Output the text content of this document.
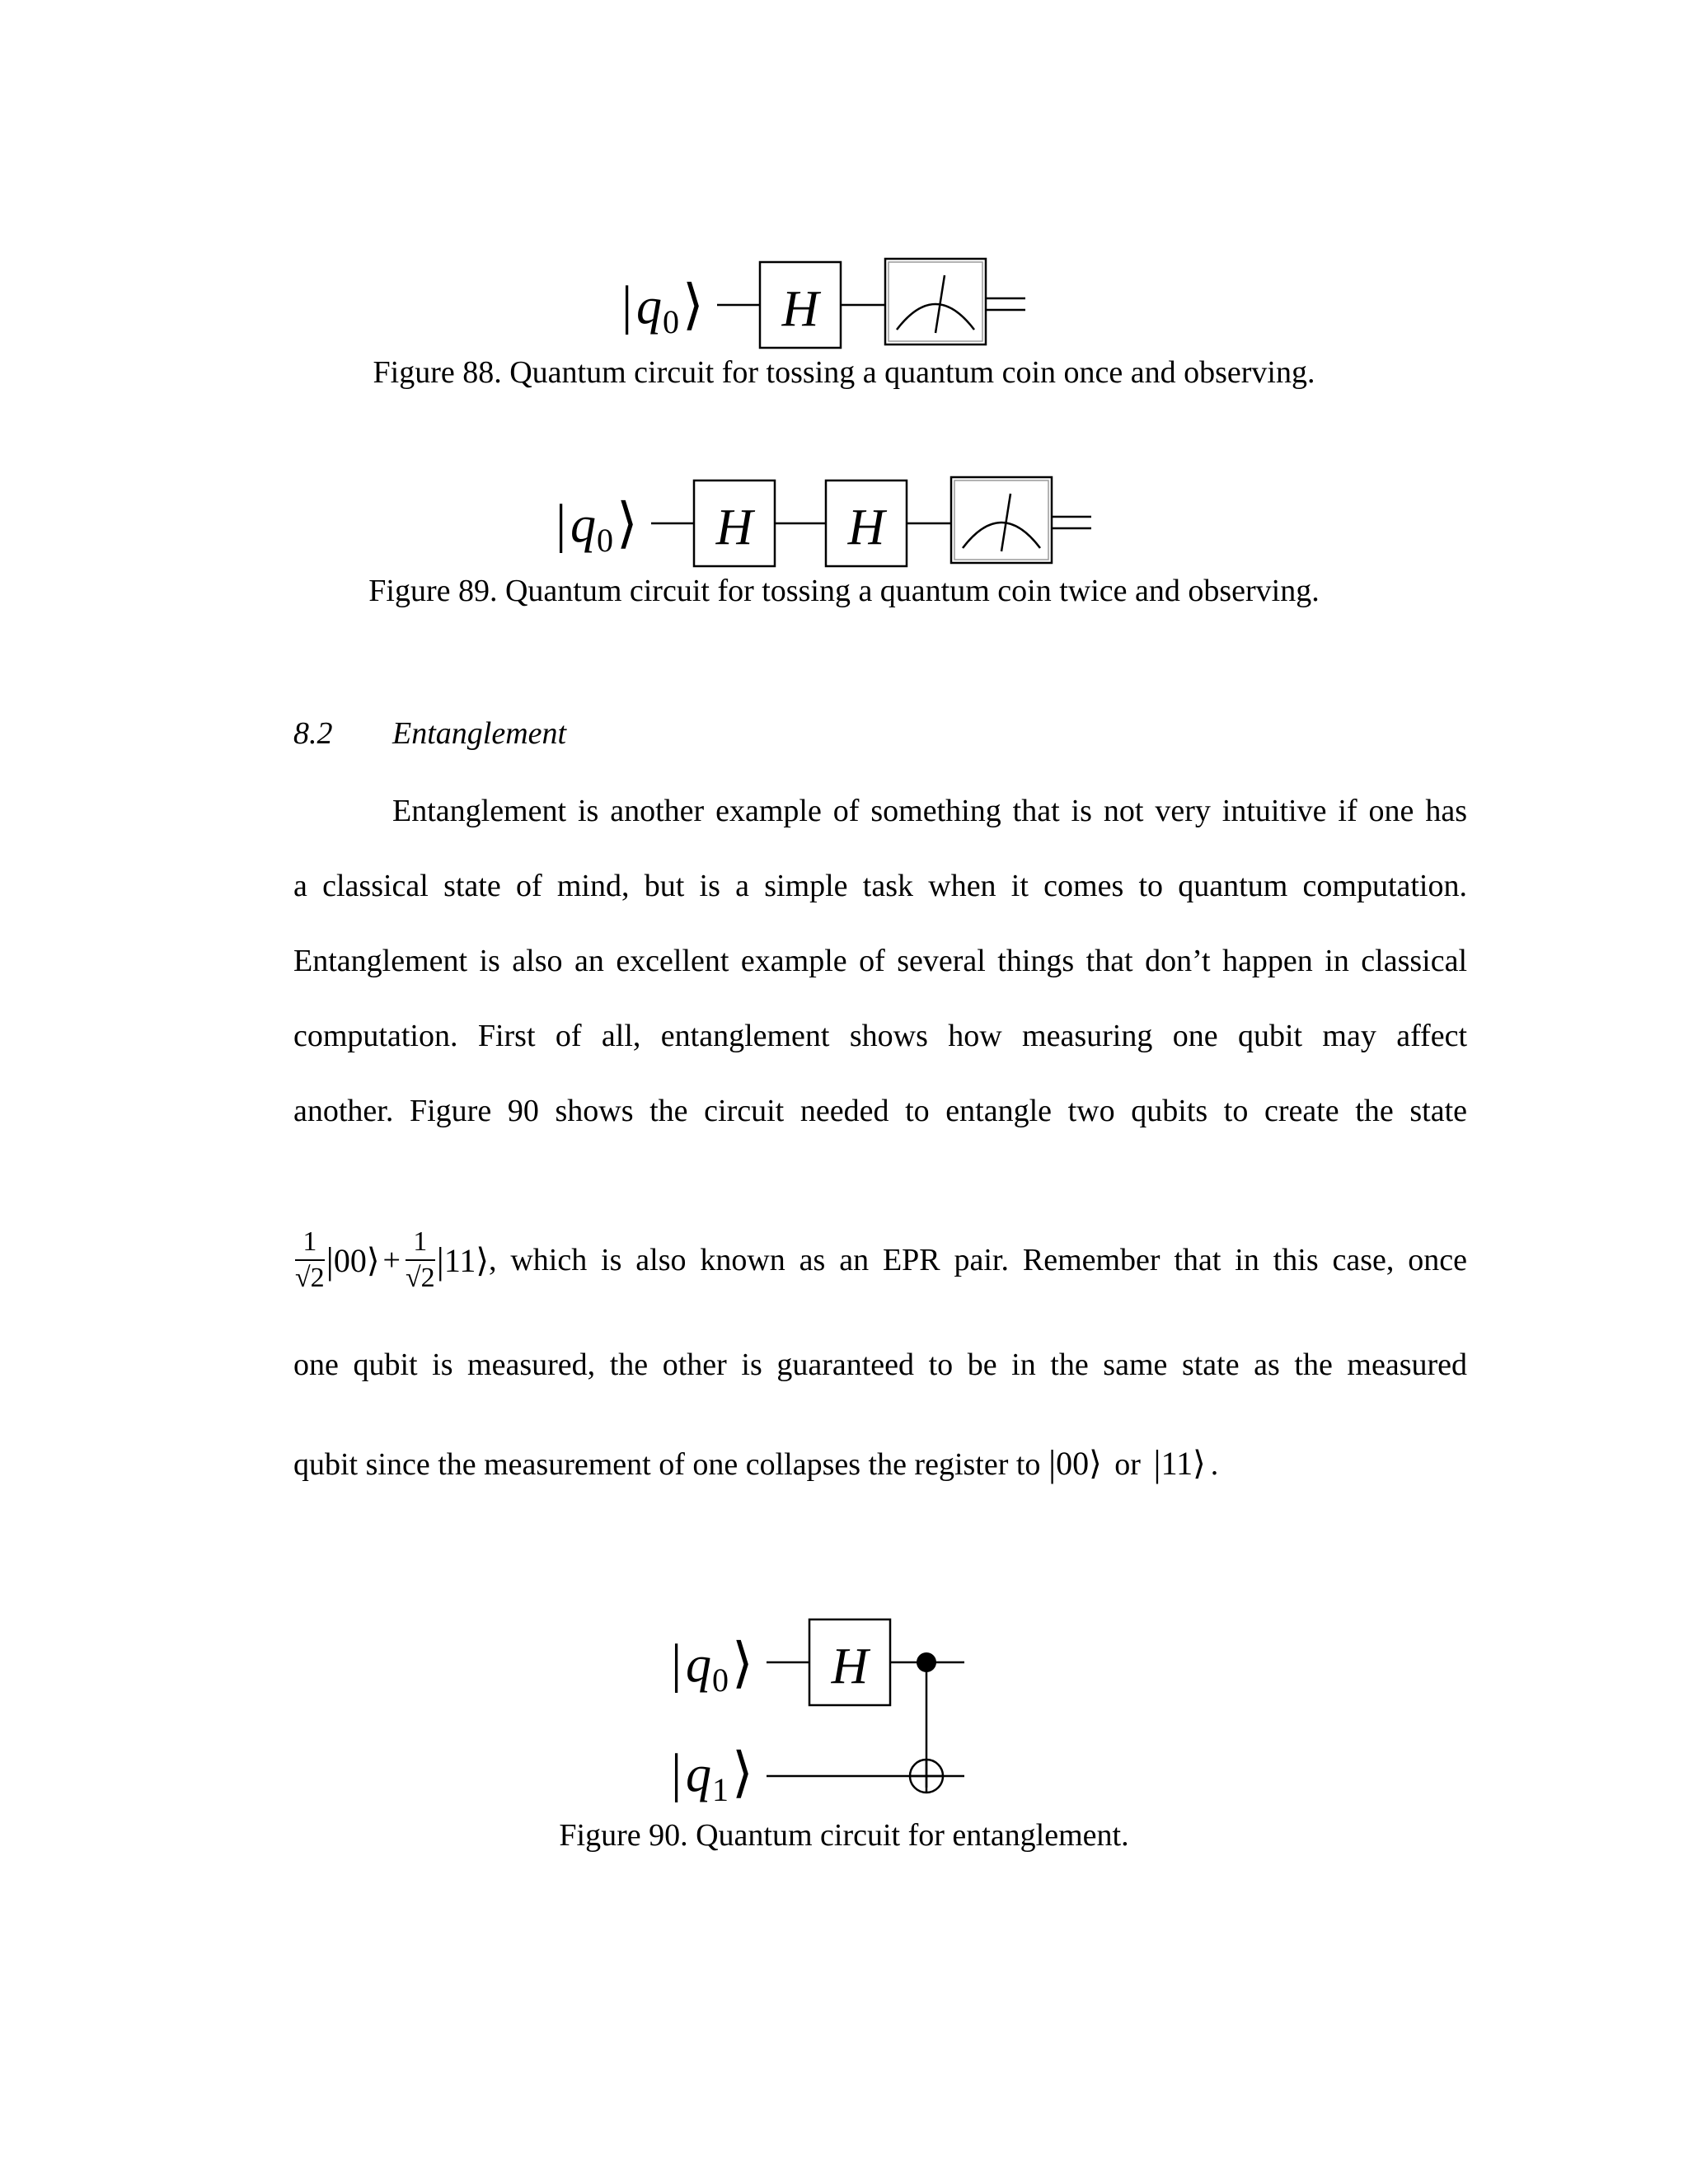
| q 0 ⟩ H
Figure 88. Quantum circuit for tossing a quantum coin once and observing.
| q 0 ⟩ H H
Figure 89. Quantum circuit for tossing a quantum coin twice and observing.
8.2 Entanglement
Entanglement is another example of something that is not very intuitive if one has
a classical state of mind, but is a simple task when it comes to quantum computation.
Entanglement is also an excellent example of several things that don’t happen in classical
computation. First of all, entanglement shows how measuring one qubit may affect
another. Figure 90 shows the circuit needed to entangle two qubits to create the state
$\frac{1}{√2}$ |00⟩ + $\frac{1}{√2}$ |11⟩ , which is also known as an EPR pair. Remember that in this case, once
one qubit is measured, the other is guaranteed to be in the same state as the measured
qubit since the measurement of one collapses the register to |00⟩ or |11⟩ .
| q 0 ⟩ H
| q 1 ⟩
Figure 90. Quantum circuit for entanglement.
